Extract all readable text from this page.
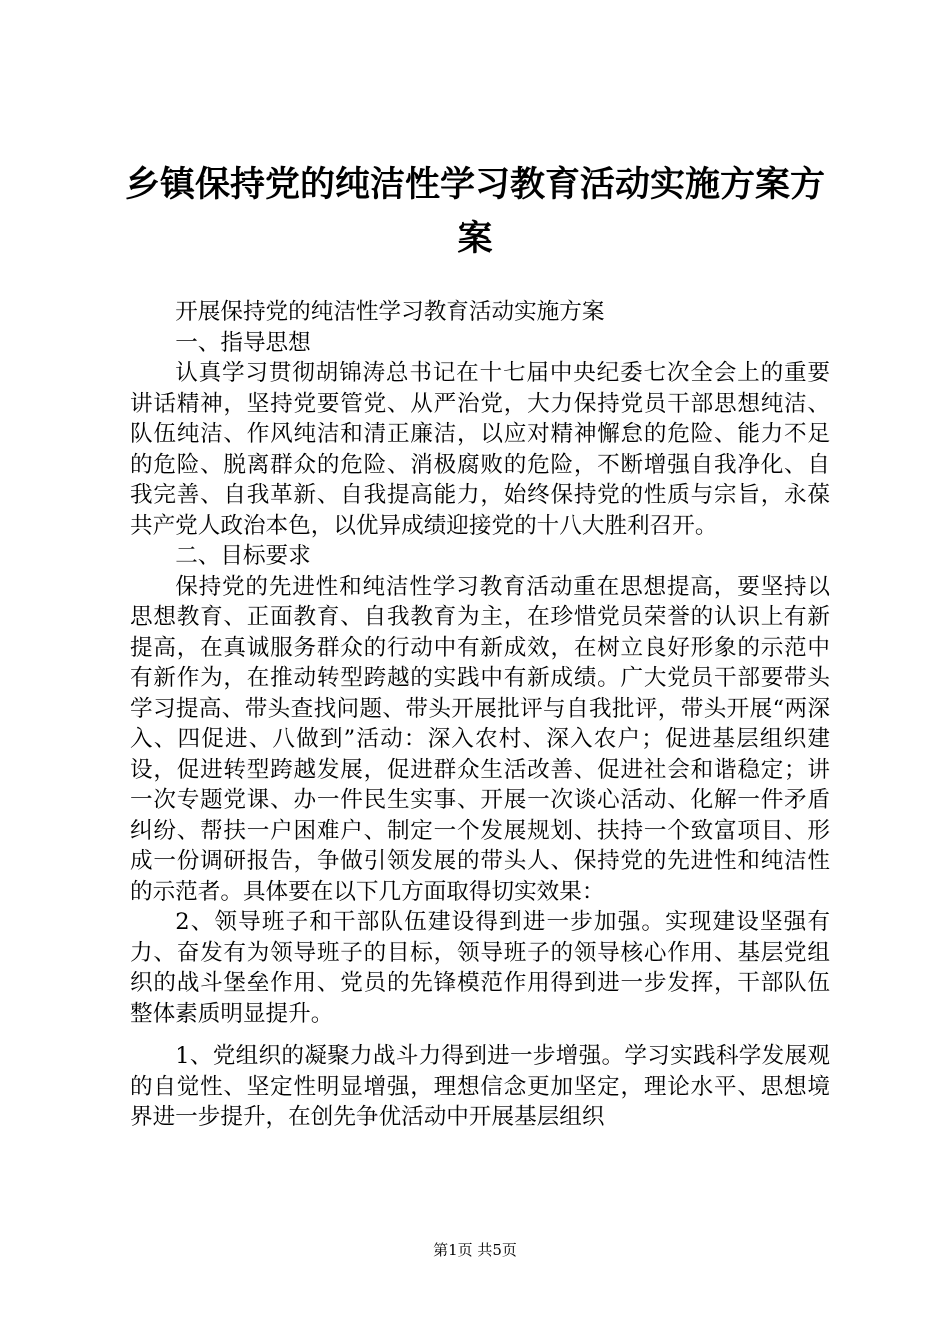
乡镇保持党的纯洁性学习教育活动实施方案方案

开展保持党的纯洁性学习教育活动实施方案

一、指导思想

认真学习贯彻胡锦涛总书记在十七届中央纪委七次全会上的重要讲话精神，坚持党要管党、从严治党，大力保持党员干部思想纯洁、队伍纯洁、作风纯洁和清正廉洁，以应对精神懈怠的危险、能力不足的危险、脱离群众的危险、消极腐败的危险，不断增强自我净化、自我完善、自我革新、自我提高能力，始终保持党的性质与宗旨，永葆共产党人政治本色，以优异成绩迎接党的十八大胜利召开。

二、目标要求

保持党的先进性和纯洁性学习教育活动重在思想提高，要坚持以思想教育、正面教育、自我教育为主，在珍惜党员荣誉的认识上有新提高，在真诚服务群众的行动中有新成效，在树立良好形象的示范中有新作为，在推动转型跨越的实践中有新成绩。广大党员干部要带头学习提高、带头查找问题、带头开展批评与自我批评，带头开展“两深入、四促进、八做到”活动：深入农村、深入农户；促进基层组织建设，促进转型跨越发展，促进群众生活改善、促进社会和谐稳定；讲一次专题党课、办一件民生实事、开展一次谈心活动、化解一件矛盾纠纷、帮扶一户困难户、制定一个发展规划、扶持一个致富项目、形成一份调研报告，争做引领发展的带头人、保持党的先进性和纯洁性的示范者。具体要在以下几方面取得切实效果：

2、领导班子和干部队伍建设得到进一步加强。实现建设坚强有力、奋发有为领导班子的目标，领导班子的领导核心作用、基层党组织的战斗堡垒作用、党员的先锋模范作用得到进一步发挥，干部队伍整体素质明显提升。

1、党组织的凝聚力战斗力得到进一步增强。学习实践科学发展观的自觉性、坚定性明显增强，理想信念更加坚定，理论水平、思想境界进一步提升，在创先争优活动中开展基层组织

第1页 共5页
